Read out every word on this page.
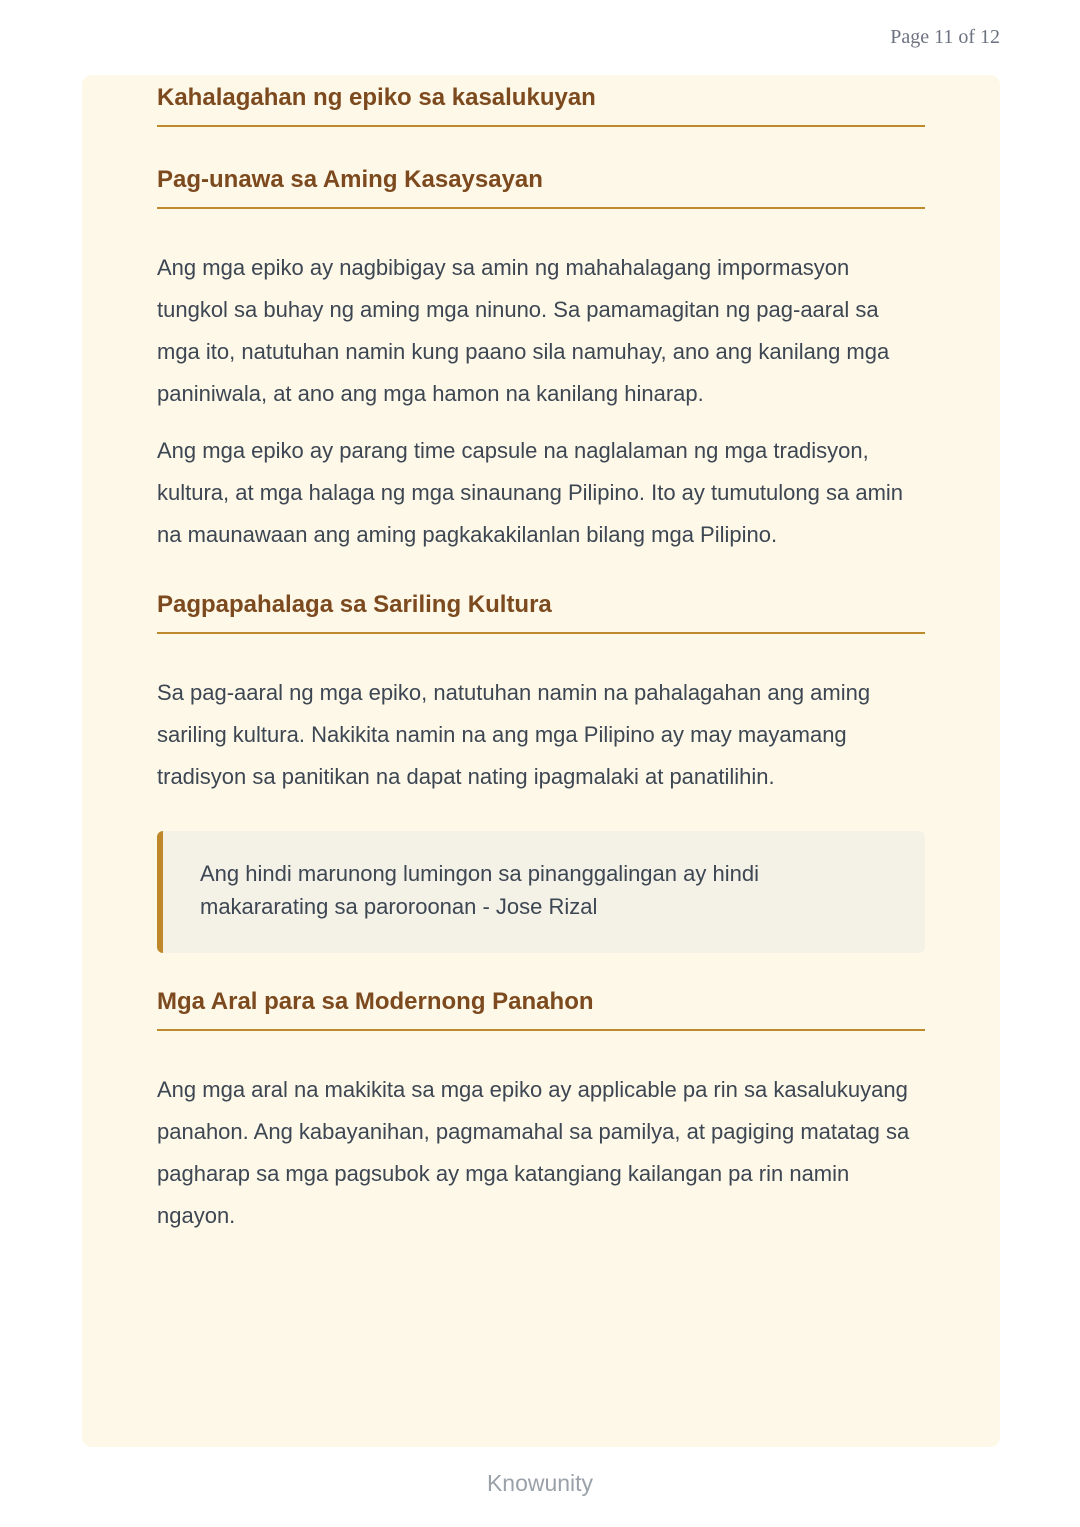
Page 11 of 12
Kahalagahan ng epiko sa kasalukuyan
Pag-unawa sa Aming Kasaysayan

Ang mga epiko ay nagbibigay sa amin ng mahahalagang impormasyon tungkol sa buhay ng aming mga ninuno. Sa pamamagitan ng pag-aaral sa mga ito, natutuhan namin kung paano sila namuhay, ano ang kanilang mga paniniwala, at ano ang mga hamon na kanilang hinarap.

Ang mga epiko ay parang time capsule na naglalaman ng mga tradisyon, kultura, at mga halaga ng mga sinaunang Pilipino. Ito ay tumutulong sa amin na maunawaan ang aming pagkakakilanlan bilang mga Pilipino.

Pagpapahalaga sa Sariling Kultura

Sa pag-aaral ng mga epiko, natutuhan namin na pahalagahan ang aming sariling kultura. Nakikita namin na ang mga Pilipino ay may mayamang tradisyon sa panitikan na dapat nating ipagmalaki at panatilihin.

Ang hindi marunong lumingon sa pinanggalingan ay hindi makararating sa paroroonan - Jose Rizal
Mga Aral para sa Modernong Panahon

Ang mga aral na makikita sa mga epiko ay applicable pa rin sa kasalukuyang panahon. Ang kabayanihan, pagmamahal sa pamilya, at pagiging matatag sa pagharap sa mga pagsubok ay mga katangiang kailangan pa rin namin ngayon.

Knowunity
